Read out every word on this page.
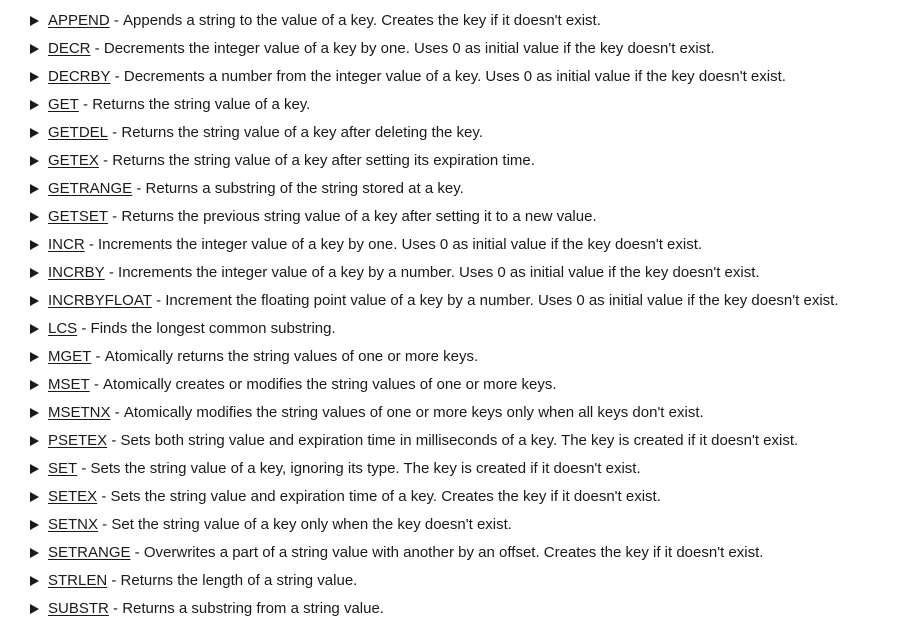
APPEND - Appends a string to the value of a key. Creates the key if it doesn't exist.
DECR - Decrements the integer value of a key by one. Uses 0 as initial value if the key doesn't exist.
DECRBY - Decrements a number from the integer value of a key. Uses 0 as initial value if the key doesn't exist.
GET - Returns the string value of a key.
GETDEL - Returns the string value of a key after deleting the key.
GETEX - Returns the string value of a key after setting its expiration time.
GETRANGE - Returns a substring of the string stored at a key.
GETSET - Returns the previous string value of a key after setting it to a new value.
INCR - Increments the integer value of a key by one. Uses 0 as initial value if the key doesn't exist.
INCRBY - Increments the integer value of a key by a number. Uses 0 as initial value if the key doesn't exist.
INCRBYFLOAT - Increment the floating point value of a key by a number. Uses 0 as initial value if the key doesn't exist.
LCS - Finds the longest common substring.
MGET - Atomically returns the string values of one or more keys.
MSET - Atomically creates or modifies the string values of one or more keys.
MSETNX - Atomically modifies the string values of one or more keys only when all keys don't exist.
PSETEX - Sets both string value and expiration time in milliseconds of a key. The key is created if it doesn't exist.
SET - Sets the string value of a key, ignoring its type. The key is created if it doesn't exist.
SETEX - Sets the string value and expiration time of a key. Creates the key if it doesn't exist.
SETNX - Set the string value of a key only when the key doesn't exist.
SETRANGE - Overwrites a part of a string value with another by an offset. Creates the key if it doesn't exist.
STRLEN - Returns the length of a string value.
SUBSTR - Returns a substring from a string value.
